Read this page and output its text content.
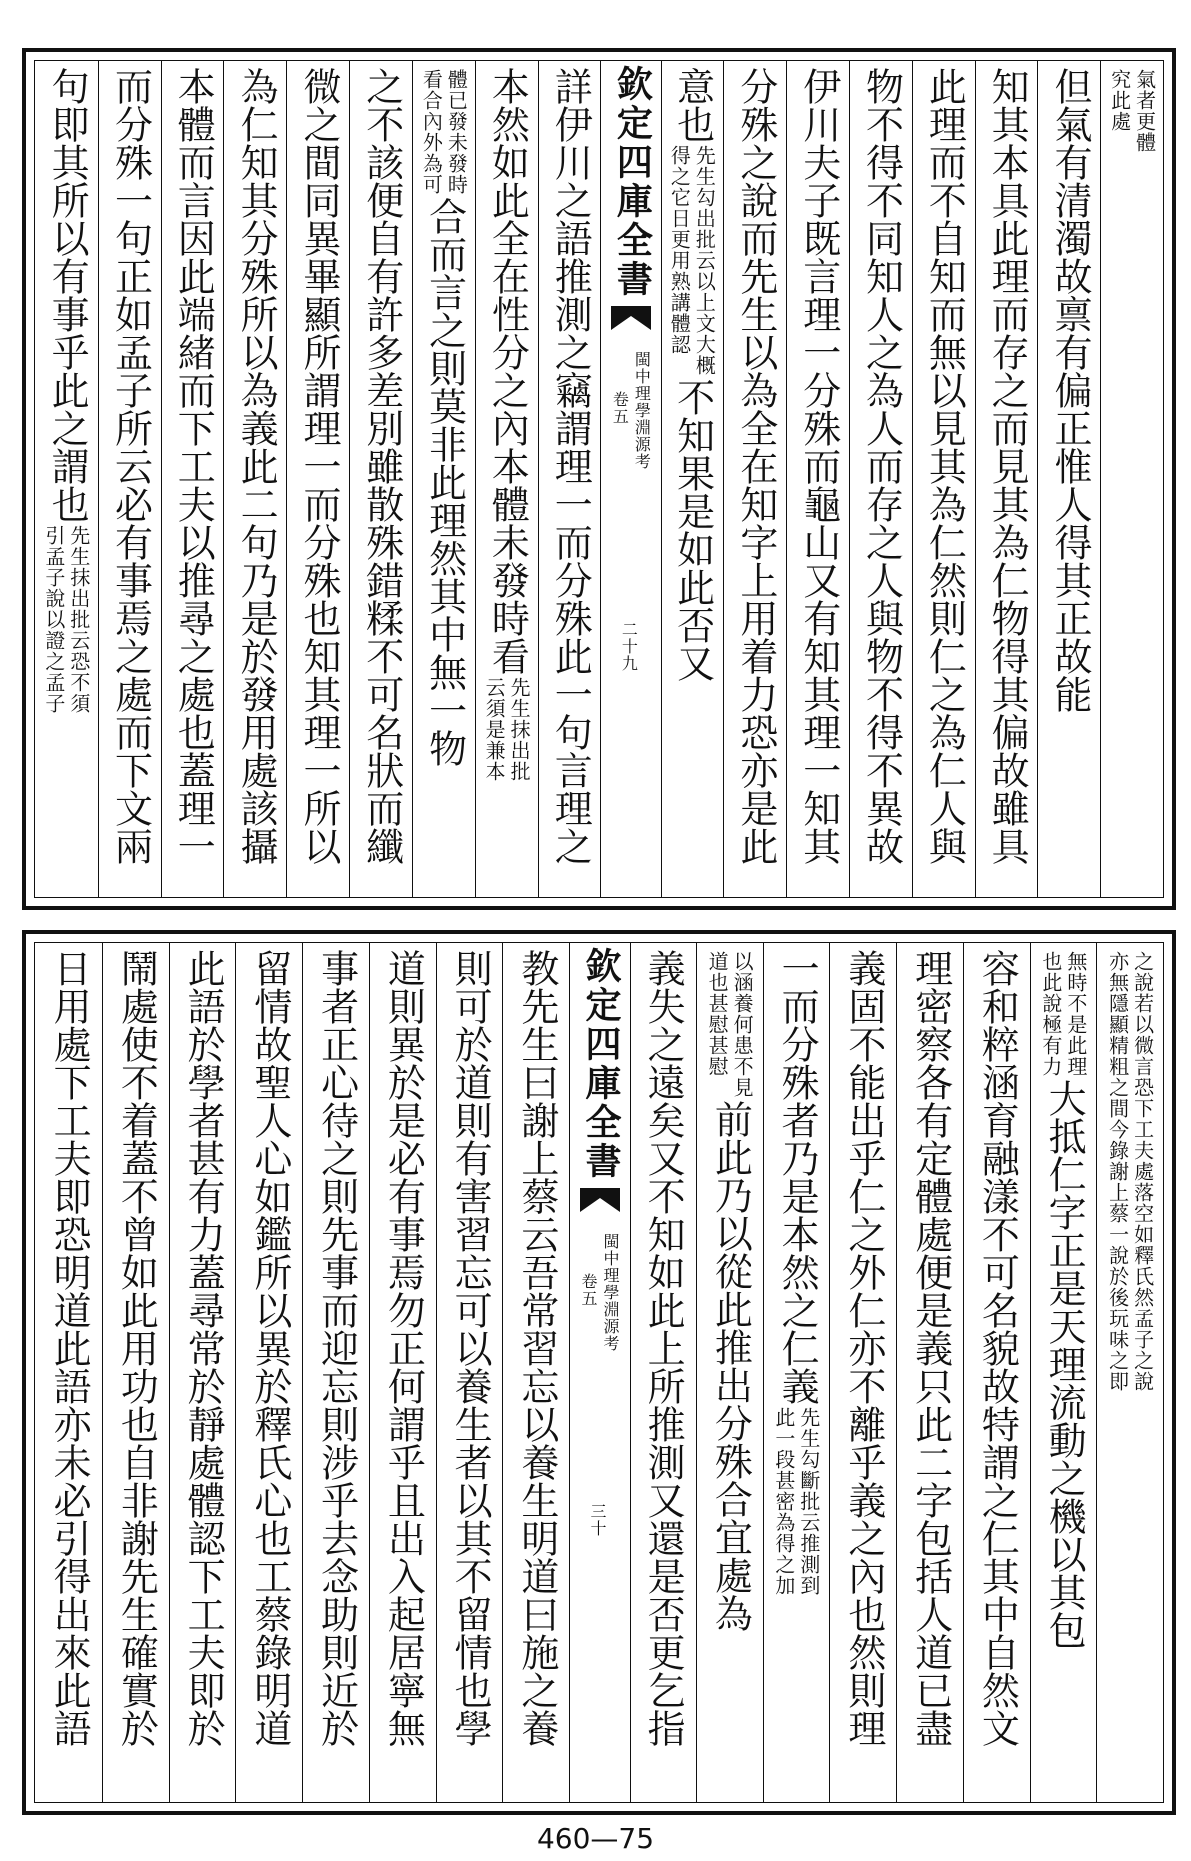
氣者更體
究此處
但氣有清濁故禀有偏正惟人得其正故能
知其本具此理而存之而見其為仁物得其偏故雖具
此理而不自知而無以見其為仁然則仁之為仁人與
物不得不同知人之為人而存之人與物不得不異故
伊川夫子既言理一分殊而龜山又有知其理一知其
分殊之說而先生以為全在知字上用着力恐亦是此
意也
先生勾出批云以上文大概
得之它日更用熟講體認
不知果是如此否又
詳伊川之語推測之竊謂理一而分殊此一句言理之
本然如此全在性分之內本體未發時看
先生抹出批
云須是兼本
體已發未發時
看合內外為可
合而言之則莫非此理然其中無一物
之不該便自有許多差別雖散殊錯糅不可名狀而纖
微之間同異畢顯所謂理一而分殊也知其理一所以
為仁知其分殊所以為義此二句乃是於發用處該攝
本體而言因此端緒而下工夫以推尋之處也蓋理一
而分殊一句正如孟子所云必有事焉之處而下文兩
句即其所以有事乎此之謂也
先生抹出批云恐不須
引孟子說以證之孟子
欽定四庫全書
閩中理學淵源考
卷五
二十九
之說若以微言恐下工夫處落空如釋氏然孟子之說
亦無隱顯精粗之間今錄謝上蔡一說於後玩味之即
無時不是此理
也此說極有力
大抵仁字正是天理流動之機以其包
容和粹涵育融漾不可名貌故特謂之仁其中自然文
理密察各有定體處便是義只此二字包括人道已盡
義固不能出乎仁之外仁亦不離乎義之內也然則理
一而分殊者乃是本然之仁義
先生勾斷批云推測到
此一段甚密為得之加
以涵養何患不見
道也甚慰甚慰
前此乃以從此推出分殊合宜處為
義失之遠矣又不知如此上所推測又還是否更乞指
教先生曰謝上蔡云吾常習忘以養生明道曰施之養
則可於道則有害習忘可以養生者以其不留情也學
道則異於是必有事焉勿正何謂乎且出入起居寧無
事者正心待之則先事而迎忘則涉乎去念助則近於
留情故聖人心如鑑所以異於釋氏心也工蔡錄明道
此語於學者甚有力蓋尋常於靜處體認下工夫即於
鬧處使不着蓋不曾如此用功也自非謝先生確實於
日用處下工夫即恐明道此語亦未必引得出來此語	欽定四庫全書
閩中理學淵源考
卷五
三十
460—75
